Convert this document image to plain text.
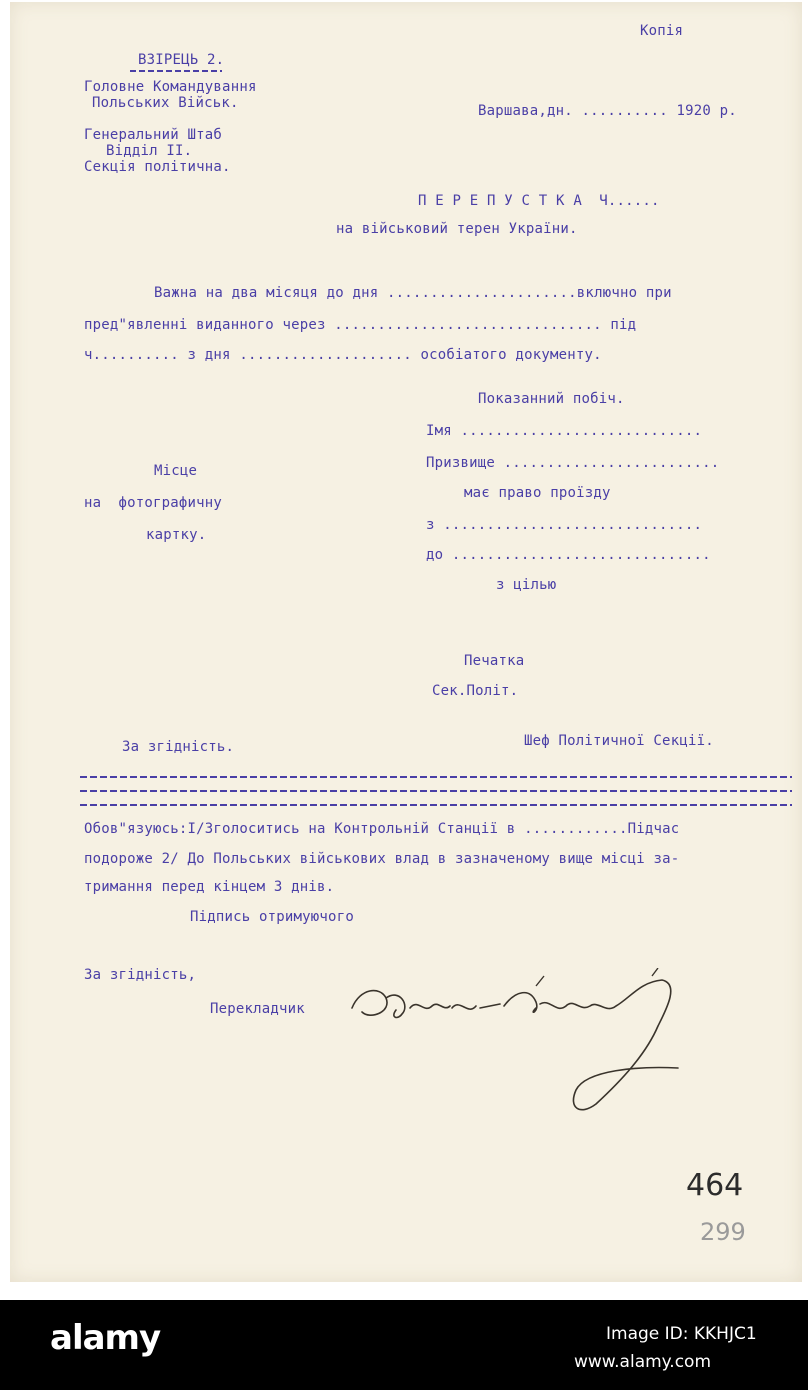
Копія
ВЗІРЕЦЬ 2.
Головне Командування
Польських Військ.	Варшава,дн. .......... 1920 р.
Генеральний Штаб
Відділ ІІ.
Секція політична.
П Е Р Е П У С Т К А  Ч......
на військовий терен України.
Важна на два місяця до дня ......................включно при
пред"явленні виданного через ............................... під
ч.......... з дня .................... особіатого документу.
Показанний побіч.
Імя ............................
Призвище .........................
має право проїзду
з ..............................
до ..............................
з цілью
Місце
на  фотографичну
картку.
Печатка
Сек.Політ.
Шеф Політичної Секції.
За згідність.
Обов"язуюсь:І/Зголоситись на Контрольній Станції в ............Підчас
подороже 2/ До Польських військових влад в зазначеному вище місці за-
тримання перед кінцем 3 днів.
Підпись отримуючого
За згідність,
Перекладчик
464
299
alamy	Image ID: KKHJC1
www.alamy.com
